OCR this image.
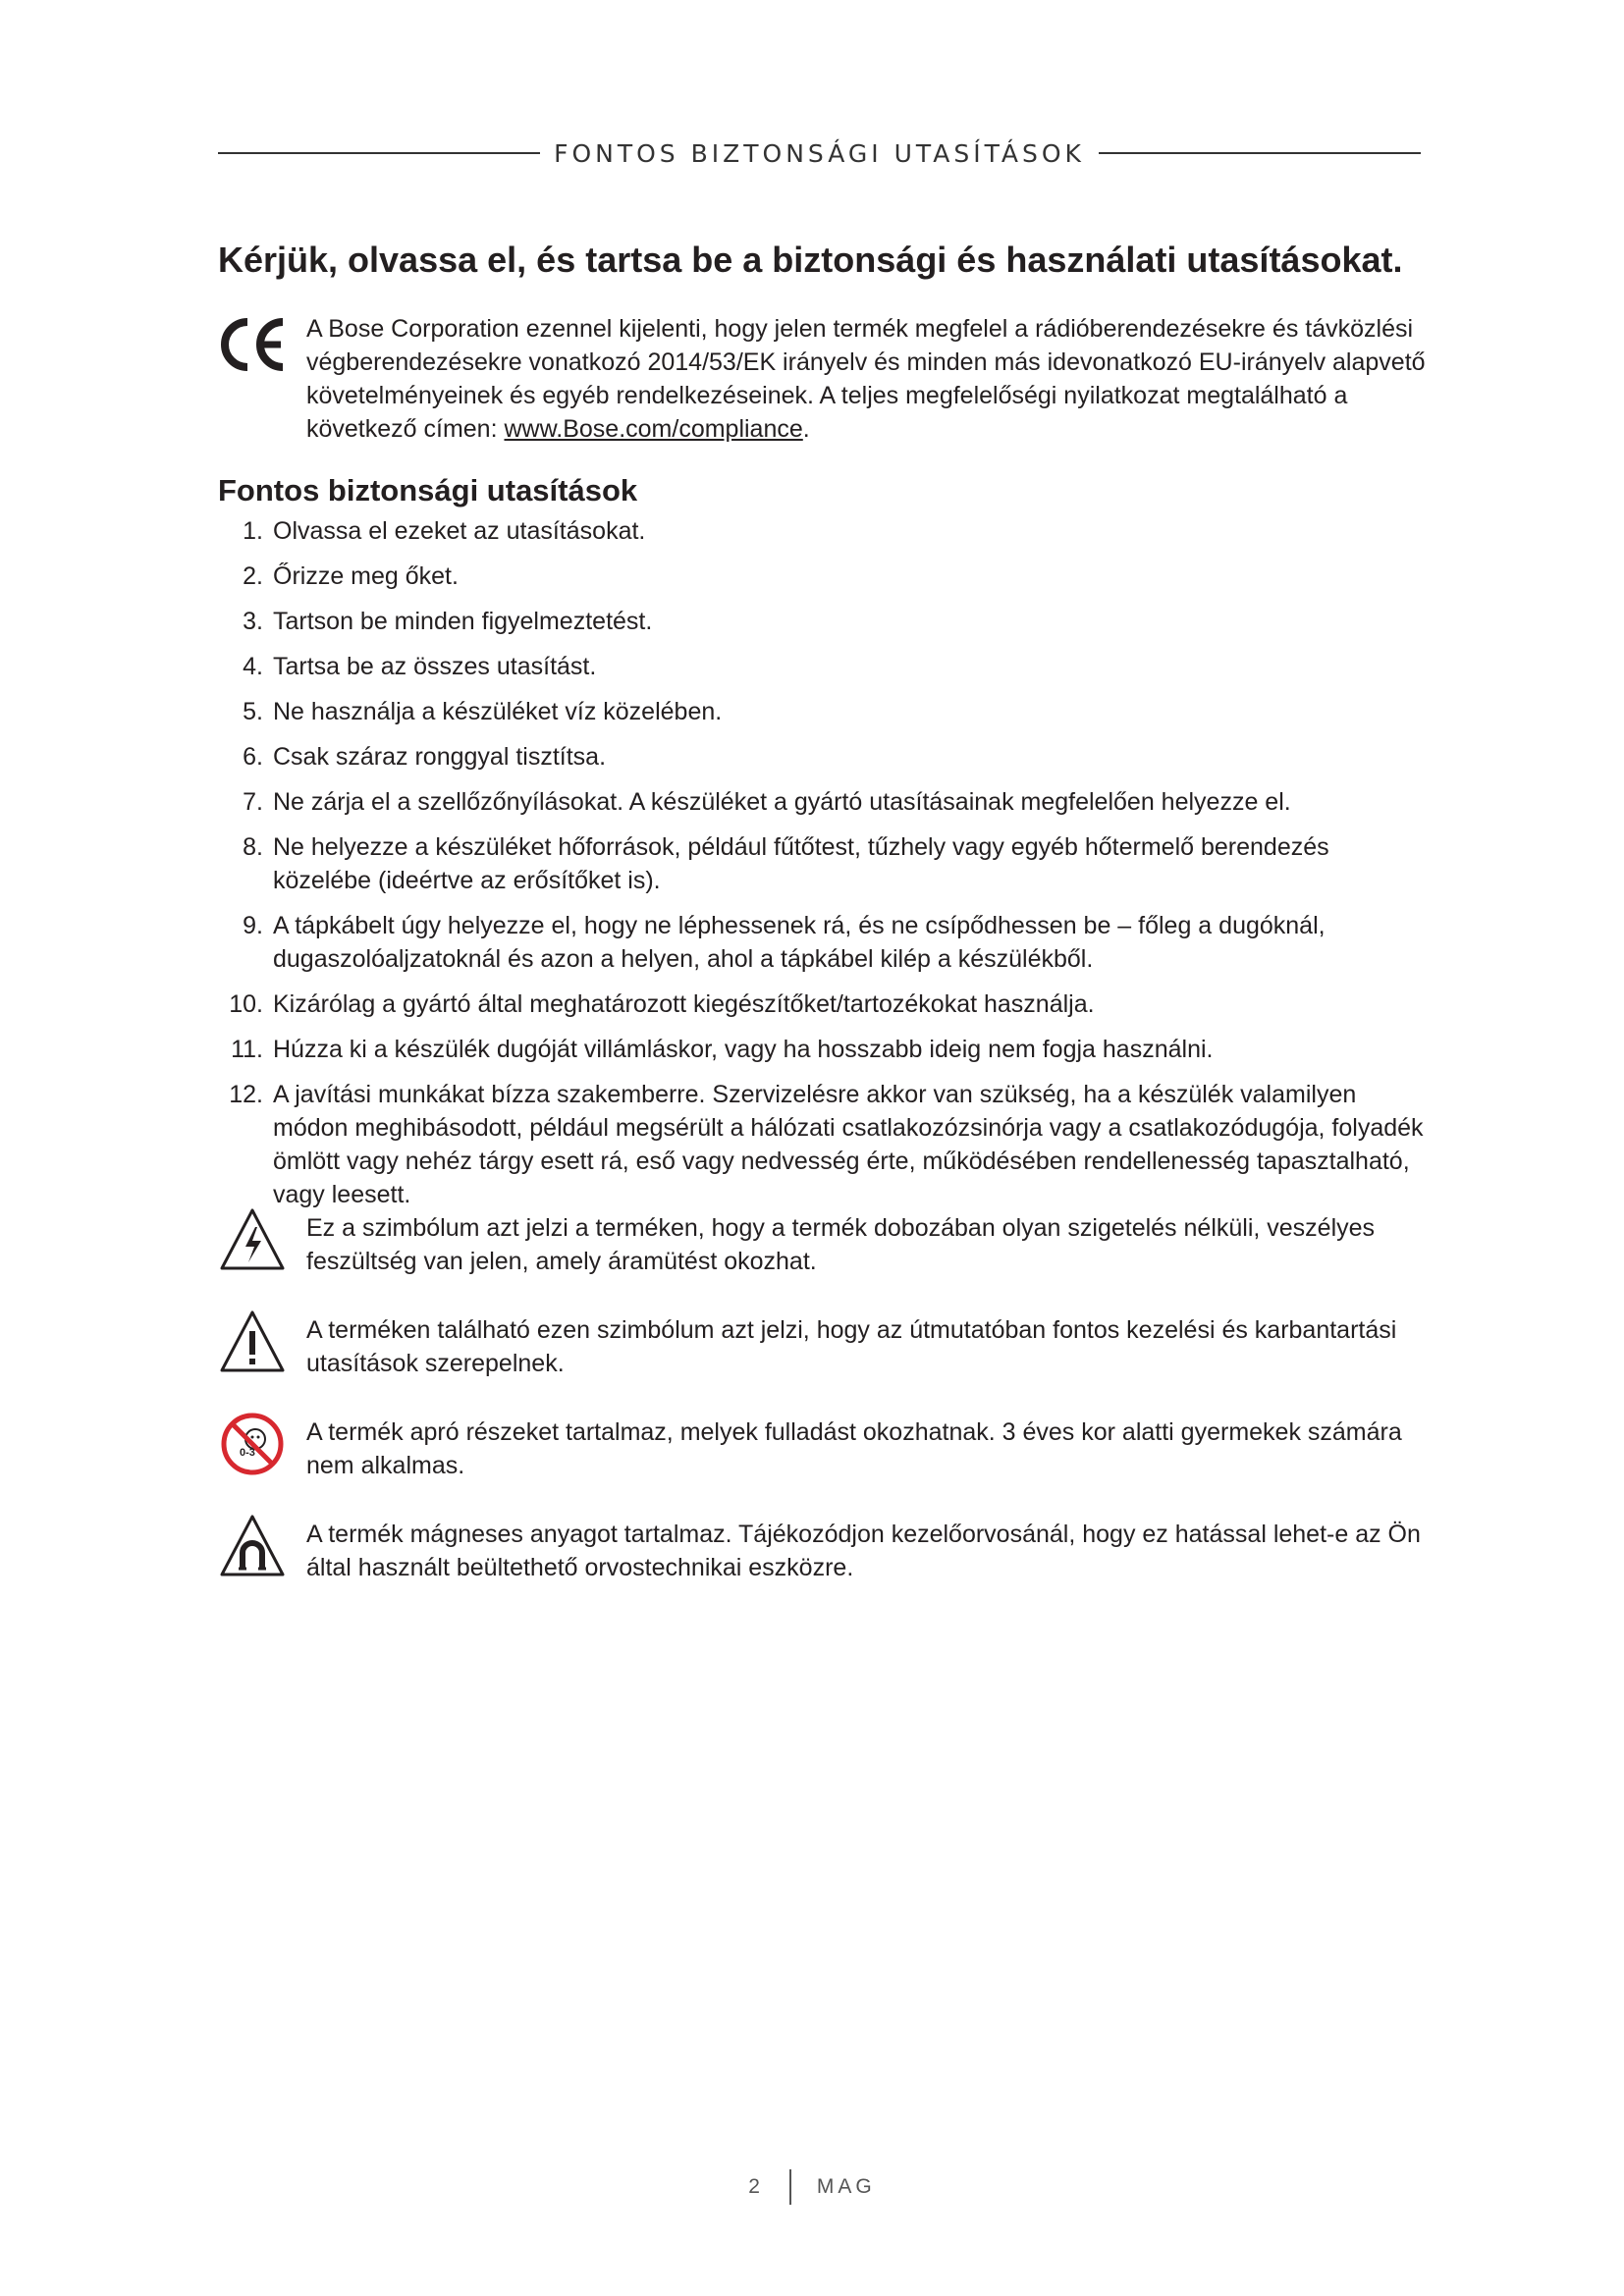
FONTOS BIZTONSÁGI UTASÍTÁSOK
Kérjük, olvassa el, és tartsa be a biztonsági és használati utasításokat.

A Bose Corporation ezennel kijelenti, hogy jelen termék megfelel a rádióberendezésekre és távközlési végberendezésekre vonatkozó 2014/53/EK irányelv és minden más idevonatkozó EU-irányelv alapvető követelményeinek és egyéb rendelkezéseinek. A teljes megfelelőségi nyilatkozat megtalálható a következő címen: www.Bose.com/compliance.

Fontos biztonsági utasítások
1. Olvassa el ezeket az utasításokat.
2. Őrizze meg őket.
3. Tartson be minden figyelmeztetést.
4. Tartsa be az összes utasítást.
5. Ne használja a készüléket víz közelében.
6. Csak száraz ronggyal tisztítsa.
7. Ne zárja el a szellőzőnyílásokat. A készüléket a gyártó utasításainak megfelelően helyezze el.
8. Ne helyezze a készüléket hőforrások, például fűtőtest, tűzhely vagy egyéb hőtermelő berendezés közelébe (ideértve az erősítőket is).
9. A tápkábelt úgy helyezze el, hogy ne léphessenek rá, és ne csípődhessen be – főleg a dugóknál, dugaszolóaljzatoknál és azon a helyen, ahol a tápkábel kilép a készülékből.
10. Kizárólag a gyártó által meghatározott kiegészítőket/tartozékokat használja.
11. Húzza ki a készülék dugóját villámláskor, vagy ha hosszabb ideig nem fogja használni.
12. A javítási munkákat bízza szakemberre. Szervizelésre akkor van szükség, ha a készülék valamilyen módon meghibásodott, például megsérült a hálózati csatlakozózsinórja vagy a csatlakozódugója, folyadék ömlött vagy nehéz tárgy esett rá, eső vagy nedvesség érte, működésében rendellenesség tapasztalható, vagy leesett.
Ez a szimbólum azt jelzi a terméken, hogy a termék dobozában olyan szigetelés nélküli, veszélyes feszültség van jelen, amely áramütést okozhat.
A terméken található ezen szimbólum azt jelzi, hogy az útmutatóban fontos kezelési és karbantartási utasítások szerepelnek.
0-3
A termék apró részeket tartalmaz, melyek fulladást okozhatnak. 3 éves kor alatti gyermekek számára nem alkalmas.
A termék mágneses anyagot tartalmaz. Tájékozódjon kezelőorvosánál, hogy ez hatással lehet-e az Ön által használt beültethető orvostechnikai eszközre.
2	MAG
